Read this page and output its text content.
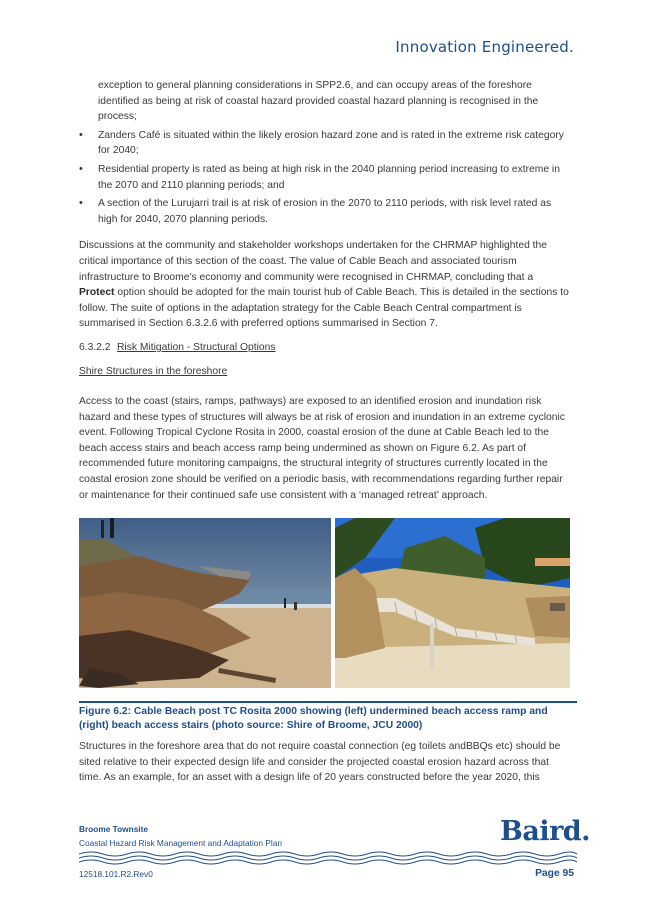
Innovation Engineered.
exception to general planning considerations in SPP2.6, and can occupy areas of the foreshore identified as being at risk of coastal hazard provided coastal hazard planning is recognised in the process;
• Zanders Café is situated within the likely erosion hazard zone and is rated in the extreme risk category for 2040;
• Residential property is rated as being at high risk in the 2040 planning period increasing to extreme in the 2070 and 2110 planning periods; and
• A section of the Lurujarri trail is at risk of erosion in the 2070 to 2110 periods, with risk level rated as high for 2040, 2070 planning periods.

Discussions at the community and stakeholder workshops undertaken for the CHRMAP highlighted the critical importance of this section of the coast. The value of Cable Beach and associated tourism infrastructure to Broome’s economy and community were recognised in CHRMAP, concluding that a Protect option should be adopted for the main tourist hub of Cable Beach. This is detailed in the sections to follow. The suite of options in the adaptation strategy for the Cable Beach Central compartment is summarised in Section 6.3.2.6 with preferred options summarised in Section 7.

6.3.2.2 Risk Mitigation - Structural Options
Shire Structures in the foreshore

Access to the coast (stairs, ramps, pathways) are exposed to an identified erosion and inundation risk hazard and these types of structures will always be at risk of erosion and inundation in an extreme cyclonic event. Following Tropical Cyclone Rosita in 2000, coastal erosion of the dune at Cable Beach led to the beach access stairs and beach access ramp being undermined as shown on Figure 6.2. As part of recommended future monitoring campaigns, the structural integrity of structures currently located in the coastal erosion zone should be verified on a periodic basis, with recommendations regarding further repair or maintenance for their continued safe use consistent with a ‘managed retreat’ approach.

Figure 6.2: Cable Beach post TC Rosita 2000 showing (left) undermined beach access ramp and (right) beach access stairs (photo source: Shire of Broome, JCU 2000)
Structures in the foreshore area that do not require coastal connection (eg toilets andBBQs etc) should be sited relative to their expected design life and consider the projected coastal erosion hazard across that time. As an example, for an asset with a design life of 20 years constructed before the year 2020, this
Broome Townsite
Coastal Hazard Risk Management and Adaptation Plan	Baird.
12518.101.R2.Rev0	Page 95
